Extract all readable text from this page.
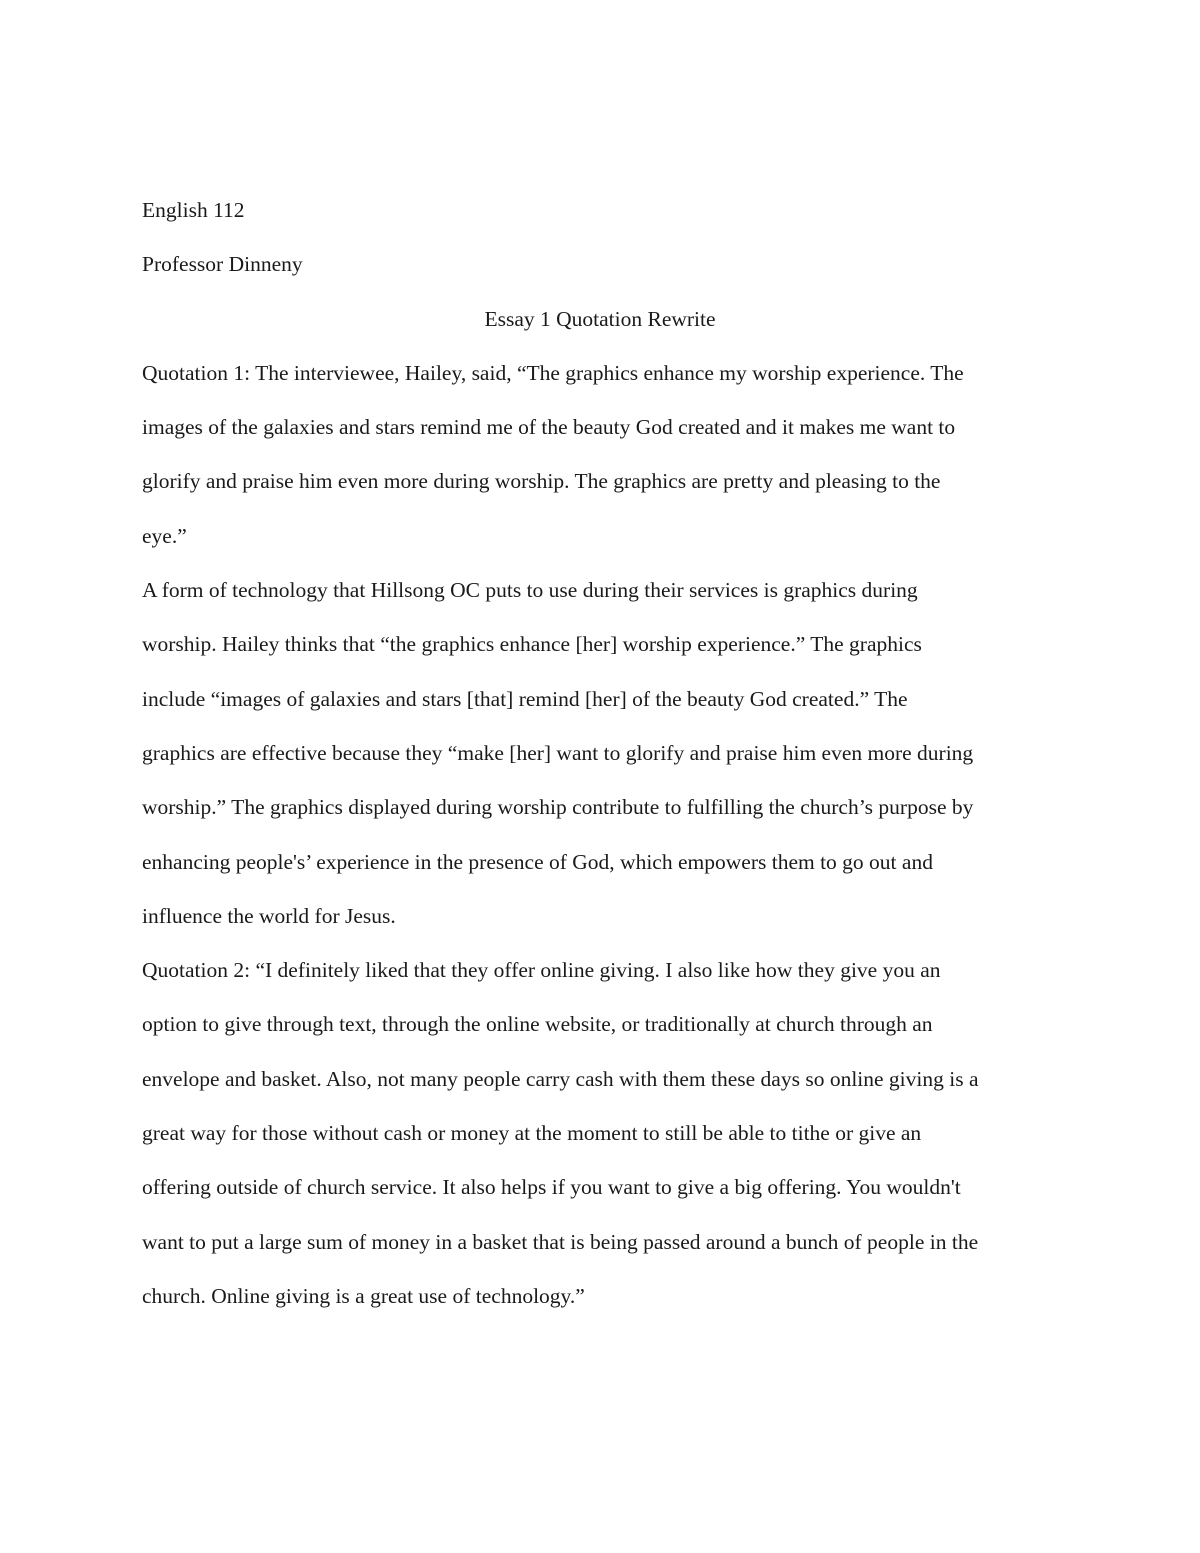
English 112
Professor Dinneny
Essay 1 Quotation Rewrite
Quotation 1: The interviewee, Hailey, said, “The graphics enhance my worship experience. The
images of the galaxies and stars remind me of the beauty God created and it makes me want to
glorify and praise him even more during worship. The graphics are pretty and pleasing to the
eye.”
A form of technology that Hillsong OC puts to use during their services is graphics during
worship. Hailey thinks that “the graphics enhance [her] worship experience.” The graphics
include “images of galaxies and stars [that] remind [her] of the beauty God created.” The
graphics are effective because they “make [her] want to glorify and praise him even more during
worship.” The graphics displayed during worship contribute to fulfilling the church’s purpose by
enhancing people's’ experience in the presence of God, which empowers them to go out and
influence the world for Jesus.
Quotation 2: “I definitely liked that they offer online giving. I also like how they give you an
option to give through text, through the online website, or traditionally at church through an
envelope and basket. Also, not many people carry cash with them these days so online giving is a
great way for those without cash or money at the moment to still be able to tithe or give an
offering outside of church service. It also helps if you want to give a big offering. You wouldn't
want to put a large sum of money in a basket that is being passed around a bunch of people in the
church. Online giving is a great use of technology.”
